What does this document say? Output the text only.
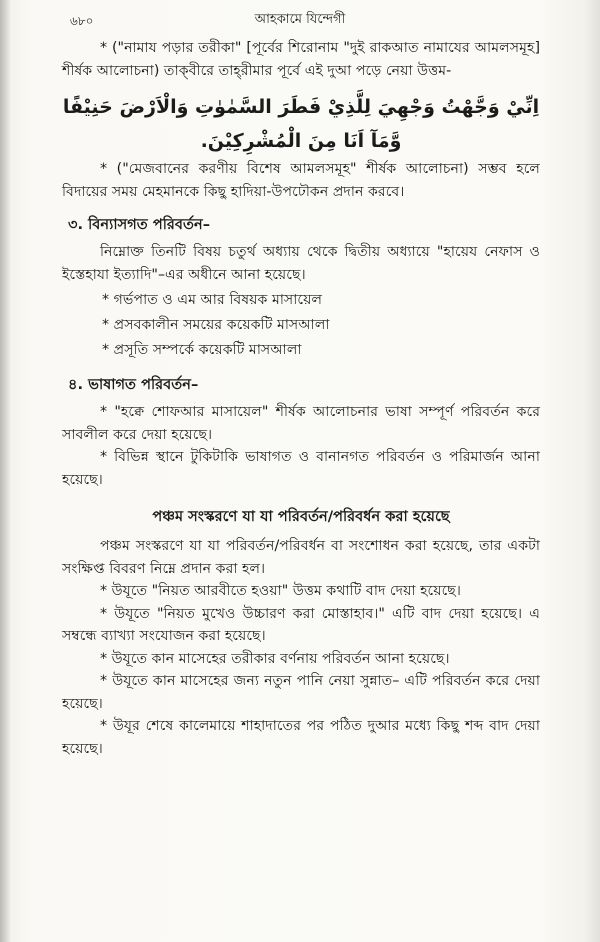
আহকামে যিন্দেগী
৬৮০

* ("নামায পড়ার তরীকা" [পূর্বের শিরোনাম "দুই রাকআত নামাযের আমলসমূহ] শীর্ষক আলোচনা) তাক্‌বীরে তাহ্‌রীমার পূর্বে এই দুআ পড়ে নেয়া উত্তম-

اِنِّيْ وَجَّهْتُ وَجْهِيَ لِلَّذِيْ فَطَرَ السَّمٰوٰتِ وَالْاَرْضَ حَنِيْفًا وَّمَآ اَنَا مِنَ الْمُشْرِكِيْنَ.

* ("মেজবানের করণীয় বিশেষ আমলসমূহ" শীর্ষক আলোচনা) সম্ভব হলে বিদায়ের সময় মেহমানকে কিছু হাদিয়া-উপঢৌকন প্রদান করবে।

৩. বিন্যাসগত পরিবর্তন–

নিম্নোক্ত তিনটি বিষয় চতুর্থ অধ্যায় থেকে দ্বিতীয় অধ্যায়ে "হায়েয নেফাস ও ইস্তেহাযা ইত্যাদি"–এর অধীনে আনা হয়েছে।

* গর্ভপাত ও এম আর বিষয়ক মাসায়েল
* প্রসবকালীন সময়ের কয়েকটি মাসআলা
* প্রসূতি সম্পর্কে কয়েকটি মাসআলা
৪. ভাষাগত পরিবর্তন–

* "হক্বে শোফআর মাসায়েল" শীর্ষক আলোচনার ভাষা সম্পূর্ণ পরিবর্তন করে সাবলীল করে দেয়া হয়েছে।

* বিভিন্ন স্থানে টুকিটাকি ভাষাগত ও বানানগত পরিবর্তন ও পরিমার্জন আনা হয়েছে।

পঞ্চম সংস্করণে যা যা পরিবর্তন/পরিবর্ধন করা হয়েছে

পঞ্চম সংস্করণে যা যা পরিবর্তন/পরিবর্ধন বা সংশোধন করা হয়েছে, তার একটা সংক্ষিপ্ত বিবরণ নিম্নে প্রদান করা হল।

* উযূতে "নিয়ত আরবীতে হওয়া" উত্তম কথাটি বাদ দেয়া হয়েছে।

* উযূতে "নিয়ত মুখেও উচ্চারণ করা মোস্তাহাব।" এটি বাদ দেয়া হয়েছে। এ সম্বন্ধে ব্যাখ্যা সংযোজন করা হয়েছে।

* উযূতে কান মাসেহের তরীকার বর্ণনায় পরিবর্তন আনা হয়েছে।

* উযূতে কান মাসেহের জন্য নতুন পানি নেয়া সুন্নাত– এটি পরিবর্তন করে দেয়া হয়েছে।

* উযূর শেষে কালেমায়ে শাহাদাতের পর পঠিত দুআর মধ্যে কিছু শব্দ বাদ দেয়া হয়েছে।
